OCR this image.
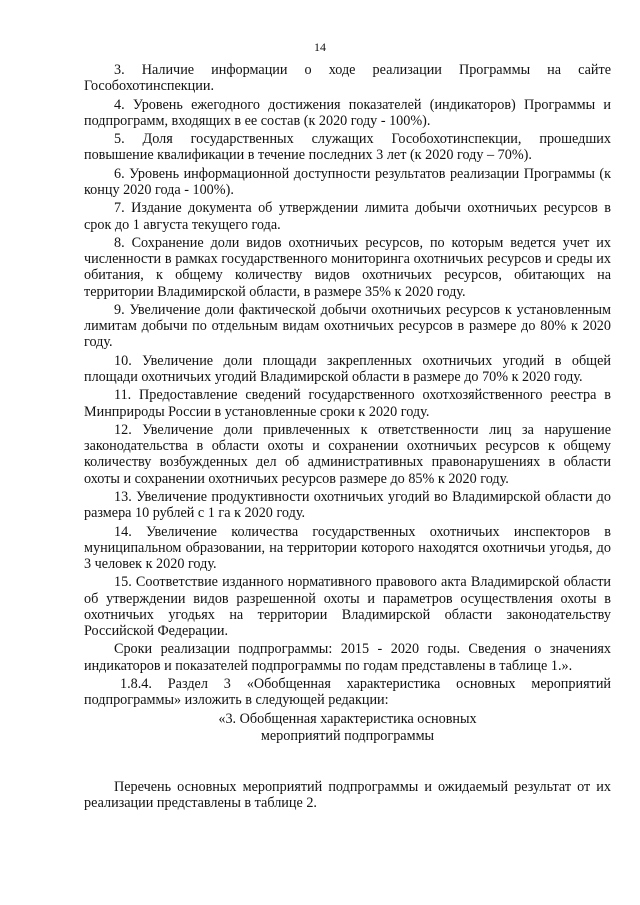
14

3. Наличие информации о ходе реализации Программы на сайте Гособохотинспекции.

4. Уровень ежегодного достижения показателей (индикаторов) Программы и подпрограмм, входящих в ее состав (к 2020 году - 100%).

5. Доля государственных служащих Гособохотинспекции, прошедших повышение квалификации в течение последних 3 лет (к 2020 году – 70%).

6. Уровень информационной доступности результатов реализации Программы (к концу 2020 года - 100%).

7. Издание документа об утверждении лимита добычи охотничьих ресурсов в срок до 1 августа текущего года.

8. Сохранение доли видов охотничьих ресурсов, по которым ведется учет их численности в рамках государственного мониторинга охотничьих ресурсов и среды их обитания, к общему количеству видов охотничьих ресурсов, обитающих на территории Владимирской области, в размере 35% к 2020 году.

9. Увеличение доли фактической добычи охотничьих ресурсов к установленным лимитам добычи по отдельным видам охотничьих ресурсов в размере до 80% к 2020 году.

10. Увеличение доли площади закрепленных охотничьих угодий в общей площади охотничьих угодий Владимирской области в размере до 70% к 2020 году.

11. Предоставление сведений государственного охотхозяйственного реестра в Минприроды России в установленные сроки к 2020 году.

12. Увеличение доли привлеченных к ответственности лиц за нарушение законодательства в области охоты и сохранении охотничьих ресурсов к общему количеству возбужденных дел об административных правонарушениях в области охоты и сохранении охотничьих ресурсов размере до 85% к 2020 году.

13. Увеличение продуктивности охотничьих угодий во Владимирской области до размера 10 рублей с 1 га к 2020 году.

14. Увеличение количества государственных охотничьих инспекторов в муниципальном образовании, на территории которого находятся охотничьи угодья, до 3 человек к 2020 году.

15. Соответствие изданного нормативного правового акта Владимирской области об утверждении видов разрешенной охоты и параметров осуществления охоты в охотничьих угодьях на территории Владимирской области законодательству Российской Федерации.

Сроки реализации подпрограммы: 2015 - 2020 годы. Сведения о значениях индикаторов и показателей подпрограммы по годам представлены в таблице 1.».

1.8.4. Раздел 3 «Обобщенная характеристика основных мероприятий подпрограммы» изложить в следующей редакции:

«3. Обобщенная характеристика основных

мероприятий подпрограммы

Перечень основных мероприятий подпрограммы и ожидаемый результат от их реализации представлены в таблице 2.
